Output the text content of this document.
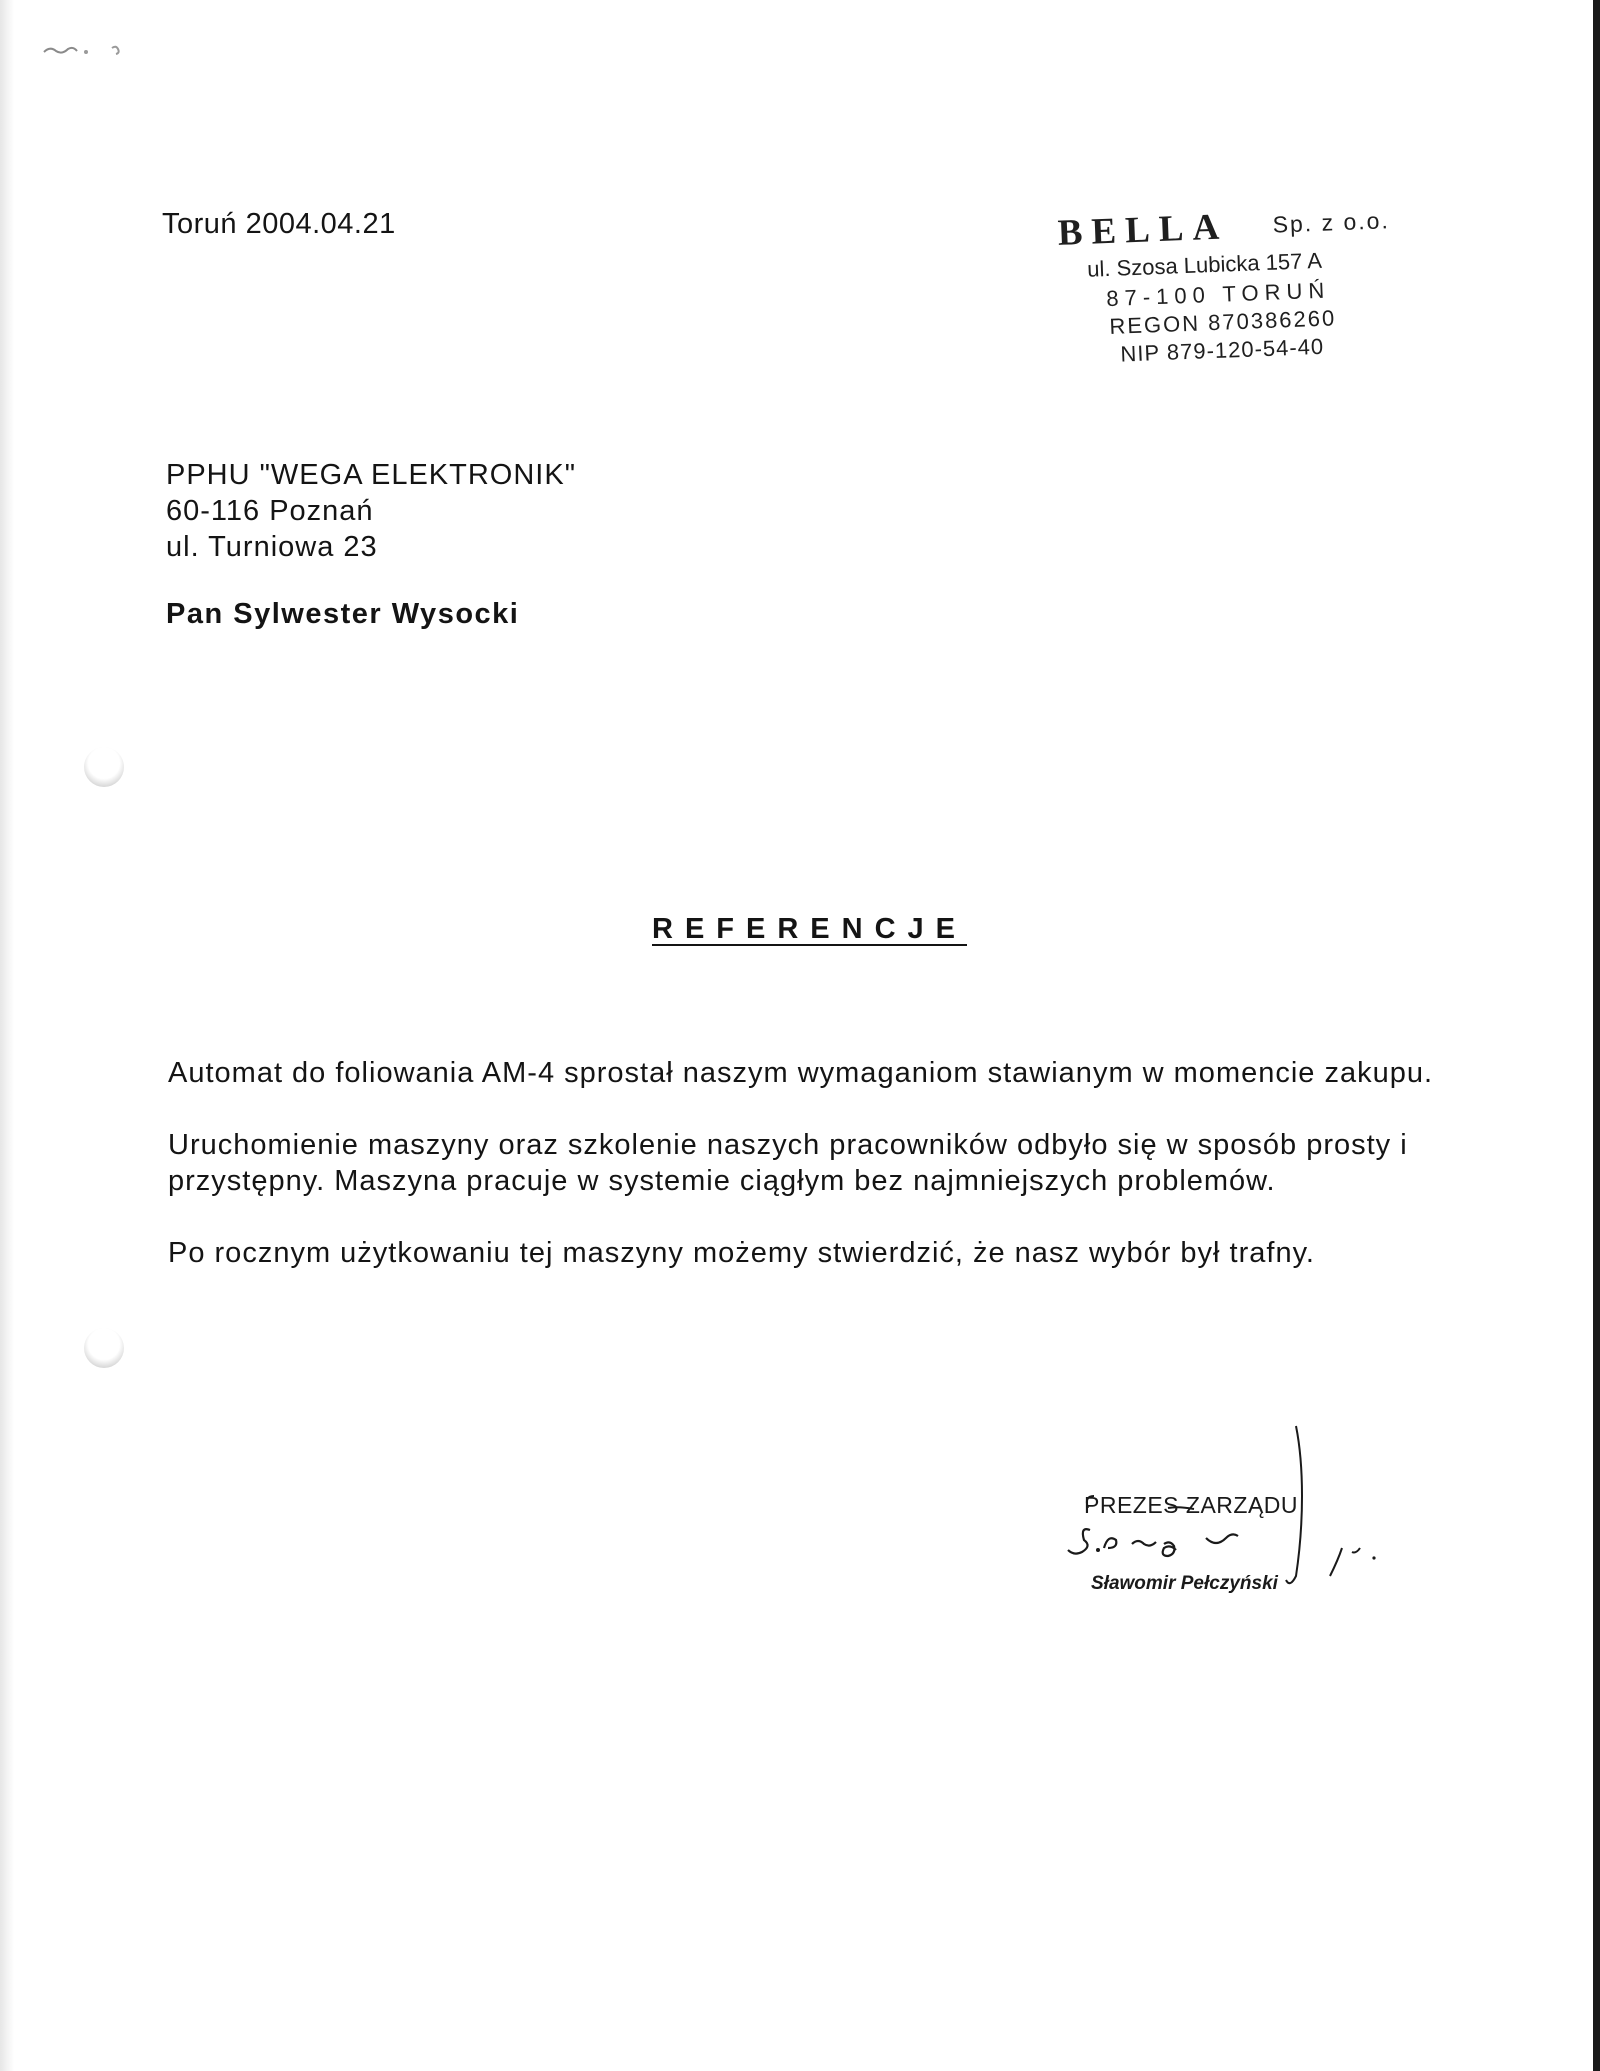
Toruń 2004.04.21	BELLA Sp. z o.o.
ul. Szosa Lubicka 157 A
87-100 TORUŃ
REGON 870386260
NIP 879-120-54-40
PPHU "WEGA ELEKTRONIK"
60-116 Poznań
ul. Turniowa 23
Pan Sylwester Wysocki
REFERENCJE

Automat do foliowania AM-4 sprostał naszym wymaganiom stawianym w momencie zakupu.

Uruchomienie maszyny oraz szkolenie naszych pracowników odbyło się w sposób prosty i przystępny. Maszyna pracuje w systemie ciągłym bez najmniejszych problemów.

Po rocznym użytkowaniu tej maszyny możemy stwierdzić, że nasz wybór był trafny.

PREZES ZARZĄDU
Sławomir Pełczyński
